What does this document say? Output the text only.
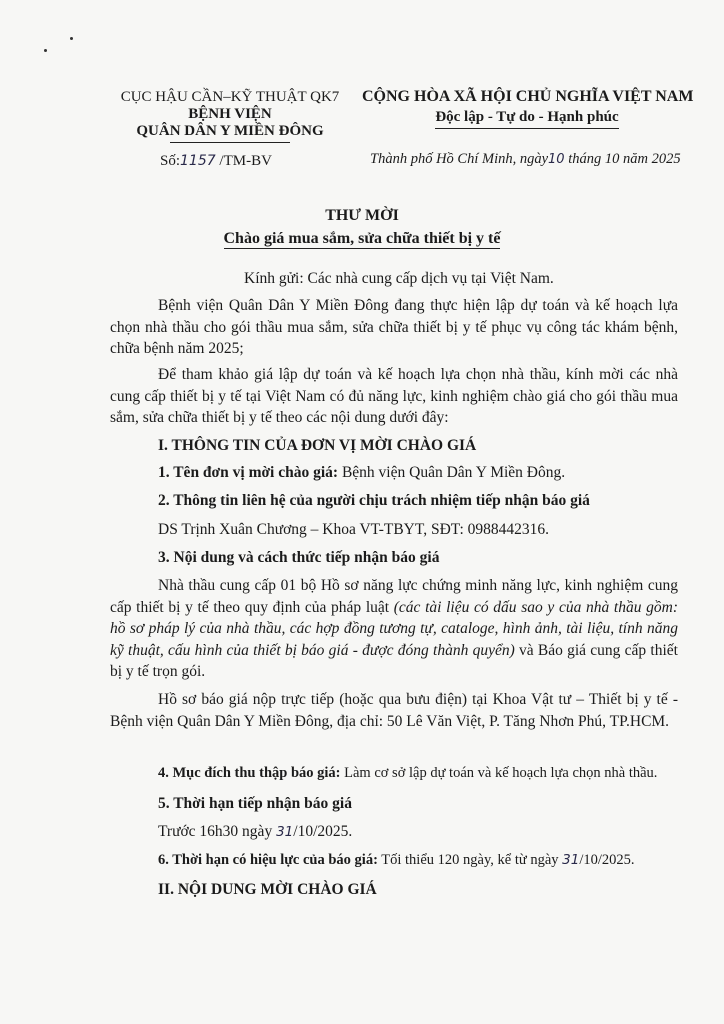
CỤC HẬU CẦN–KỸ THUẬT QK7
BỆNH VIỆN
QUÂN DÂN Y MIỀN ĐÔNG
Số:1157 /TM-BV
CỘNG HÒA XÃ HỘI CHỦ NGHĨA VIỆT NAM
Độc lập - Tự do - Hạnh phúc
Thành phố Hồ Chí Minh, ngày10 tháng 10 năm 2025
THƯ MỜI
Chào giá mua sắm, sửa chữa thiết bị y tế
Kính gửi: Các nhà cung cấp dịch vụ tại Việt Nam.
Bệnh viện Quân Dân Y Miền Đông đang thực hiện lập dự toán và kế hoạch lựa chọn nhà thầu cho gói thầu mua sắm, sửa chữa thiết bị y tế phục vụ công tác khám bệnh, chữa bệnh năm 2025;
Để tham khảo giá lập dự toán và kế hoạch lựa chọn nhà thầu, kính mời các nhà cung cấp thiết bị y tế tại Việt Nam có đủ năng lực, kinh nghiệm chào giá cho gói thầu mua sắm, sửa chữa thiết bị y tế theo các nội dung dưới đây:
I. THÔNG TIN CỦA ĐƠN VỊ MỜI CHÀO GIÁ
1. Tên đơn vị mời chào giá: Bệnh viện Quân Dân Y Miền Đông.
2. Thông tin liên hệ của người chịu trách nhiệm tiếp nhận báo giá
DS Trịnh Xuân Chương – Khoa VT-TBYT, SĐT: 0988442316.
3. Nội dung và cách thức tiếp nhận báo giá
Nhà thầu cung cấp 01 bộ Hồ sơ năng lực chứng minh năng lực, kinh nghiệm cung cấp thiết bị y tế theo quy định của pháp luật (các tài liệu có dấu sao y của nhà thầu gồm: hồ sơ pháp lý của nhà thầu, các hợp đồng tương tự, cataloge, hình ảnh, tài liệu, tính năng kỹ thuật, cấu hình của thiết bị báo giá - được đóng thành quyển) và Báo giá cung cấp thiết bị y tế trọn gói.
Hồ sơ báo giá nộp trực tiếp (hoặc qua bưu điện) tại Khoa Vật tư – Thiết bị y tế - Bệnh viện Quân Dân Y Miền Đông, địa chỉ: 50 Lê Văn Việt, P. Tăng Nhơn Phú, TP.HCM.
4. Mục đích thu thập báo giá: Làm cơ sở lập dự toán và kế hoạch lựa chọn nhà thầu.
5. Thời hạn tiếp nhận báo giá
Trước 16h30 ngày 31/10/2025.
6. Thời hạn có hiệu lực của báo giá: Tối thiểu 120 ngày, kể từ ngày 31/10/2025.
II. NỘI DUNG MỜI CHÀO GIÁ
